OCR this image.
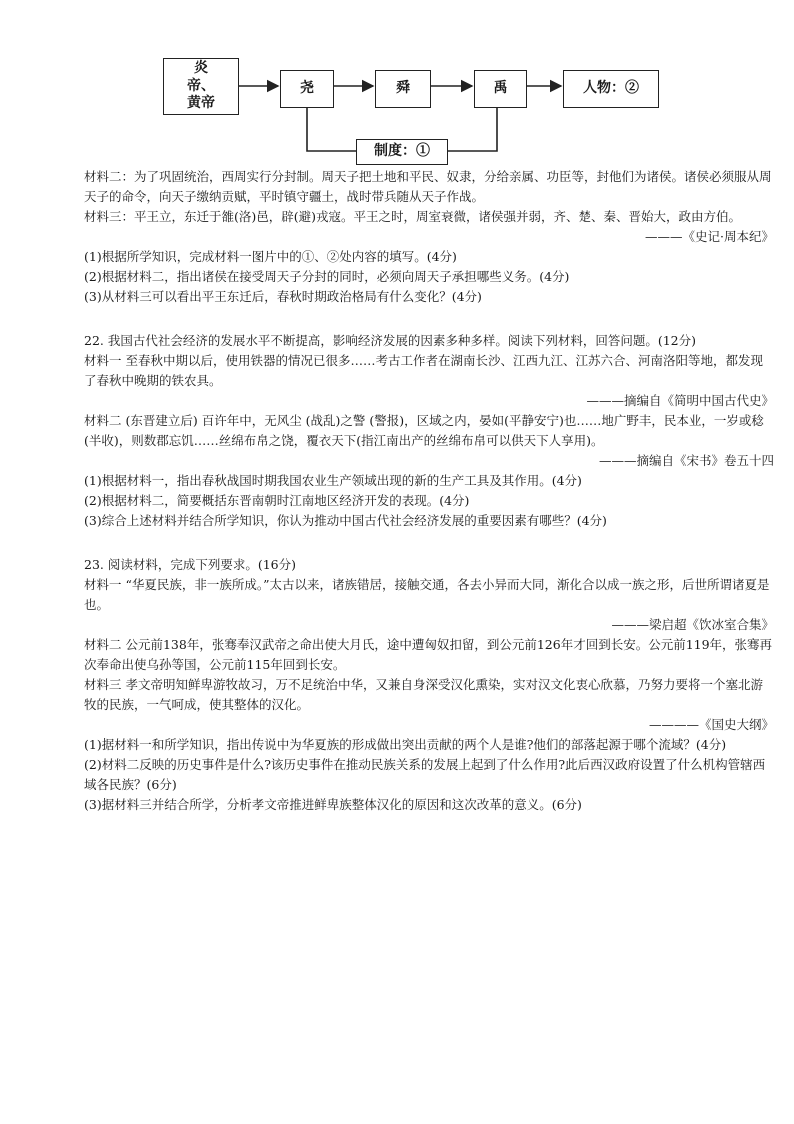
炎帝、黄帝
尧	舜	禹	人物：②
制度：①

材料二：为了巩固统治，西周实行分封制。周天子把土地和平民、奴隶，分给亲属、功臣等，封他们为诸侯。诸侯必须服从周天子的命令，向天子缴纳贡赋，平时镇守疆土，战时带兵随从天子作战。

材料三：平王立，东迁于雒(洛)邑，辟(避)戎寇。平王之时，周室衰微，诸侯强并弱，齐、楚、秦、晋始大，政由方伯。

———《史记·周本纪》

(1)根据所学知识，完成材料一图片中的①、②处内容的填写。(4分)

(2)根据材料二，指出诸侯在接受周天子分封的同时，必须向周天子承担哪些义务。(4分)

(3)从材料三可以看出平王东迁后，春秋时期政治格局有什么变化？(4分)

22. 我国古代社会经济的发展水平不断提高，影响经济发展的因素多种多样。阅读下列材料，回答问题。(12分)

材料一 至春秋中期以后，使用铁器的情况已很多……考古工作者在湖南长沙、江西九江、江苏六合、河南洛阳等地，都发现了春秋中晚期的铁农具。

———摘编自《简明中国古代史》

材料二 (东晋建立后) 百许年中，无风尘 (战乱)之警 (警报)，区域之内，晏如(平静安宁)也……地广野丰，民本业，一岁或稔(半收)，则数郡忘饥……丝绵布帛之饶，覆衣天下(指江南出产的丝绵布帛可以供天下人享用)。

———摘编自《宋书》卷五十四

(1)根据材料一，指出春秋战国时期我国农业生产领域出现的新的生产工具及其作用。(4分)

(2)根据材料二，简要概括东晋南朝时江南地区经济开发的表现。(4分)

(3)综合上述材料并结合所学知识，你认为推动中国古代社会经济发展的重要因素有哪些？(4分)

23. 阅读材料，完成下列要求。(16分)

材料一 “华夏民族，非一族所成。”太古以来，诸族错居，接触交通，各去小异而大同，渐化合以成一族之形，后世所谓诸夏是也。

———梁启超《饮冰室合集》

材料二 公元前138年，张骞奉汉武帝之命出使大月氏，途中遭匈奴扣留，到公元前126年才回到长安。公元前119年，张骞再次奉命出使乌孙等国，公元前115年回到长安。

材料三 孝文帝明知鲜卑游牧故习，万不足统治中华，又兼自身深受汉化熏染，实对汉文化衷心欣慕，乃努力要将一个塞北游牧的民族，一气呵成，使其整体的汉化。

————《国史大纲》

(1)据材料一和所学知识，指出传说中为华夏族的形成做出突出贡献的两个人是谁?他们的部落起源于哪个流域？(4分)

(2)材料二反映的历史事件是什么?该历史事件在推动民族关系的发展上起到了什么作用?此后西汉政府设置了什么机构管辖西域各民族？(6分)

(3)据材料三并结合所学，分析孝文帝推进鲜卑族整体汉化的原因和这次改革的意义。(6分)
